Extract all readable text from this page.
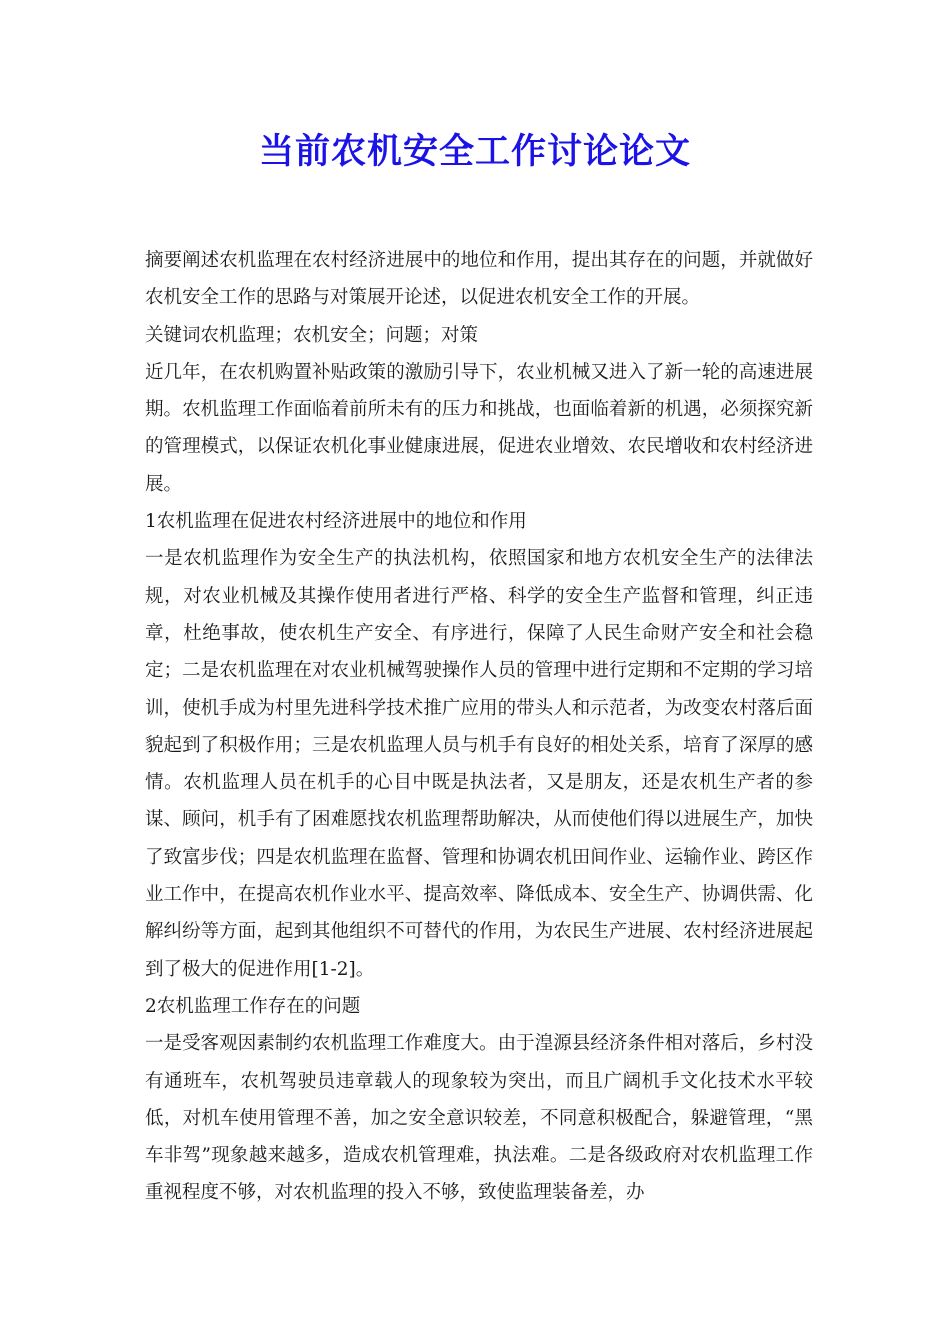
当前农机安全工作讨论论文

摘要阐述农机监理在农村经济进展中的地位和作用，提出其存在的问题，并就做好农机安全工作的思路与对策展开论述，以促进农机安全工作的开展。

关键词农机监理；农机安全；问题；对策

近几年，在农机购置补贴政策的激励引导下，农业机械又进入了新一轮的高速进展期。农机监理工作面临着前所未有的压力和挑战，也面临着新的机遇，必须探究新的管理模式，以保证农机化事业健康进展，促进农业增效、农民增收和农村经济进展。

1农机监理在促进农村经济进展中的地位和作用

一是农机监理作为安全生产的执法机构，依照国家和地方农机安全生产的法律法规，对农业机械及其操作使用者进行严格、科学的安全生产监督和管理，纠正违章，杜绝事故，使农机生产安全、有序进行，保障了人民生命财产安全和社会稳定；二是农机监理在对农业机械驾驶操作人员的管理中进行定期和不定期的学习培训，使机手成为村里先进科学技术推广应用的带头人和示范者，为改变农村落后面貌起到了积极作用；三是农机监理人员与机手有良好的相处关系，培育了深厚的感情。农机监理人员在机手的心目中既是执法者，又是朋友，还是农机生产者的参谋、顾问，机手有了困难愿找农机监理帮助解决，从而使他们得以进展生产，加快了致富步伐；四是农机监理在监督、管理和协调农机田间作业、运输作业、跨区作业工作中，在提高农机作业水平、提高效率、降低成本、安全生产、协调供需、化解纠纷等方面，起到其他组织不可替代的作用，为农民生产进展、农村经济进展起到了极大的促进作用[1-2]。

2农机监理工作存在的问题

一是受客观因素制约农机监理工作难度大。由于湟源县经济条件相对落后，乡村没有通班车，农机驾驶员违章载人的现象较为突出，而且广阔机手文化技术水平较低，对机车使用管理不善，加之安全意识较差，不同意积极配合，躲避管理，“黑车非驾”现象越来越多，造成农机管理难，执法难。二是各级政府对农机监理工作重视程度不够，对农机监理的投入不够，致使监理装备差，办
